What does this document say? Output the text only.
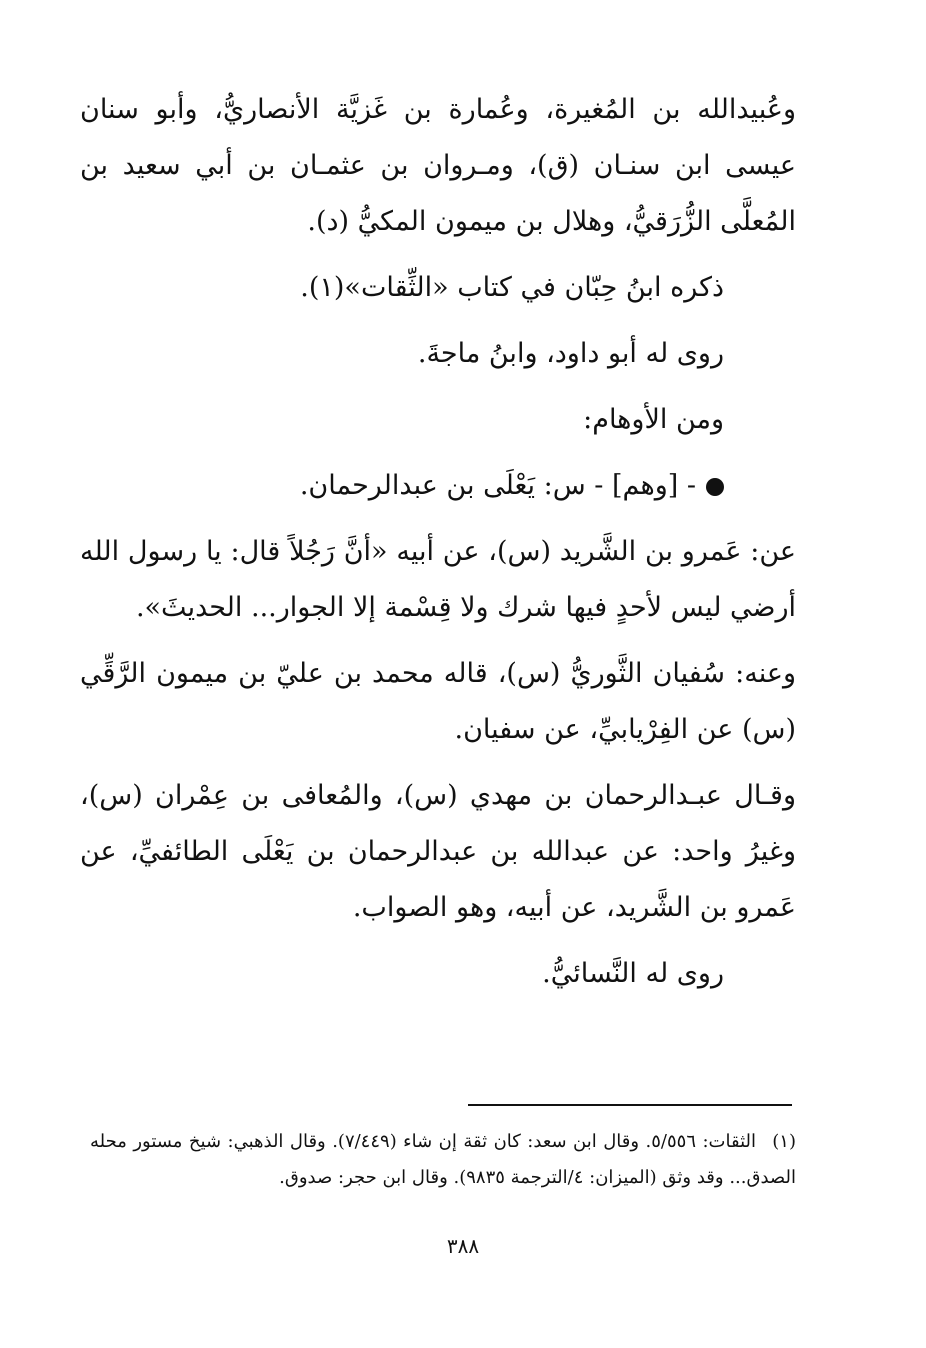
وعُبيدالله بن المُغيرة، وعُمارة بن غَزيَّة الأنصاريُّ، وأبو سنان عيسى ابن سنـان (ق)، ومـروان بن عثمـان بن أبي سعيد بن المُعلَّى الزُّرَقيُّ، وهلال بن ميمون المكيُّ (د).

ذكره ابنُ حِبّان في كتاب «الثِّقات»(١).

روى له أبو داود، وابنُ ماجةَ.

ومن الأوهام:

- [وهم] - س: يَعْلَى بن عبدالرحمان.

عن: عَمرو بن الشَّريد (س)، عن أبيه «أنَّ رَجُلاً قال: يا رسول الله أرضي ليس لأحدٍ فيها شرك ولا قِسْمة إلا الجوار... الحديثَ».

وعنه: سُفيان الثَّوريُّ (س)، قاله محمد بن عليّ بن ميمون الرَّقِّي (س) عن الفِرْيابيِّ، عن سفيان.

وقـال عبـدالرحمان بن مهدي (س)، والمُعافى بن عِمْران (س)، وغيرُ واحد: عن عبدالله بن عبدالرحمان بن يَعْلَى الطائفيِّ، عن عَمرو بن الشَّريد، عن أبيه، وهو الصواب.

روى له النَّسائيُّ.

(١)الثقات: ٥/٥٥٦. وقال ابن سعد: كان ثقة إن شاء (٧/٤٤٩). وقال الذهبي: شيخ مستور محله الصدق... وقد وثق (الميزان: ٤/الترجمة ٩٨٣٥). وقال ابن حجر: صدوق.
٣٨٨
